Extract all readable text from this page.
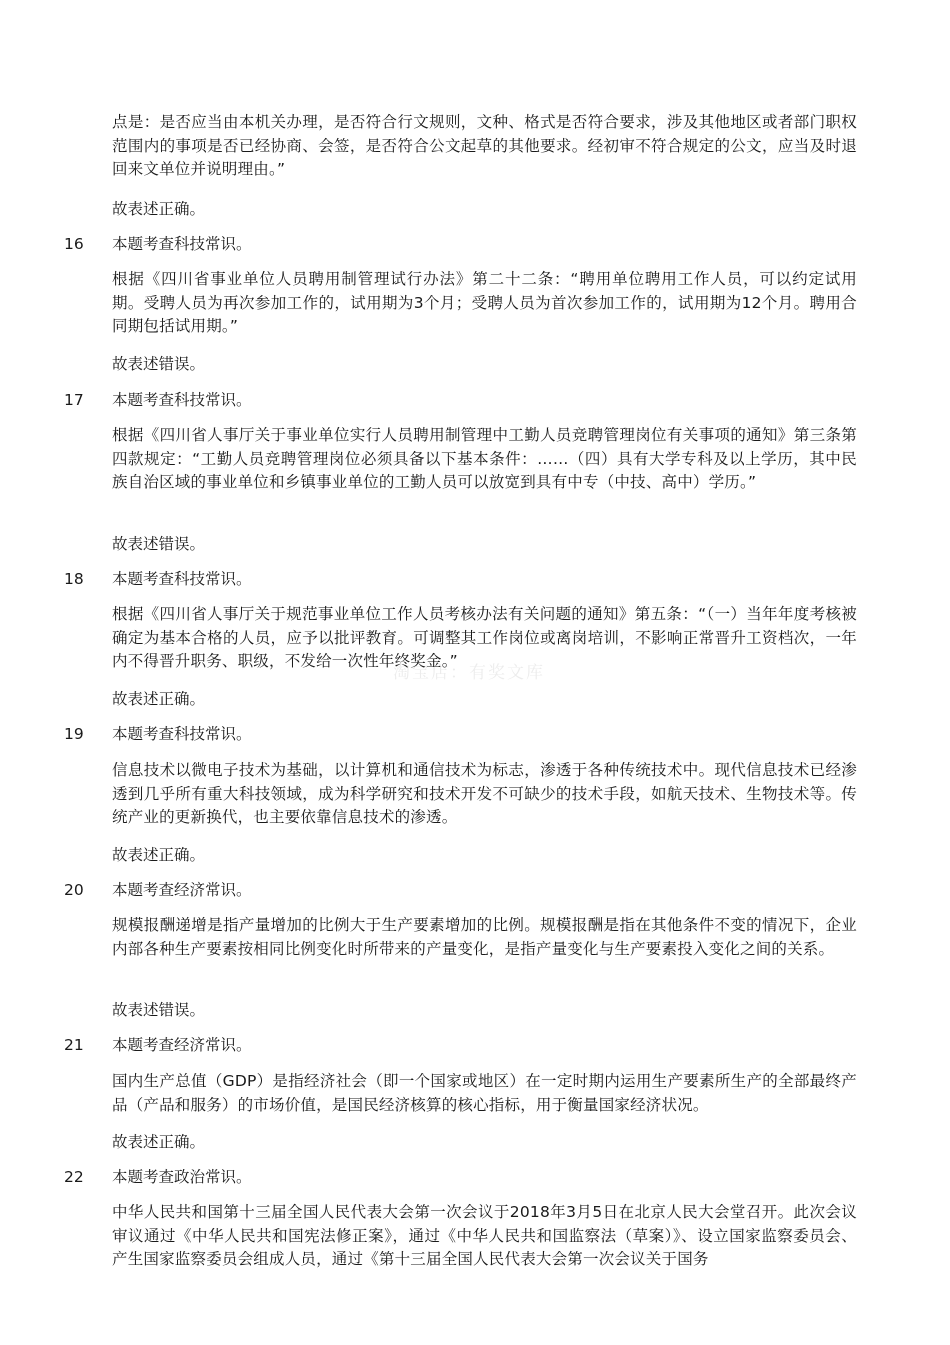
点是：是否应当由本机关办理，是否符合行文规则，文种、格式是否符合要求，涉及其他地区或者部门职权范围内的事项是否已经协商、会签，是否符合公文起草的其他要求。经初审不符合规定的公文，应当及时退回来文单位并说明理由。”
故表述正确。
16 本题考查科技常识。
根据《四川省事业单位人员聘用制管理试行办法》第二十二条：“聘用单位聘用工作人员，可以约定试用期。受聘人员为再次参加工作的，试用期为3个月；受聘人员为首次参加工作的，试用期为12个月。聘用合同期包括试用期。”
故表述错误。
17 本题考查科技常识。
根据《四川省人事厅关于事业单位实行人员聘用制管理中工勤人员竞聘管理岗位有关事项的通知》第三条第四款规定：“工勤人员竞聘管理岗位必须具备以下基本条件：……（四）具有大学专科及以上学历，其中民族自治区域的事业单位和乡镇事业单位的工勤人员可以放宽到具有中专（中技、高中）学历。”
故表述错误。
18 本题考查科技常识。
根据《四川省人事厅关于规范事业单位工作人员考核办法有关问题的通知》第五条：“（一）当年年度考核被确定为基本合格的人员，应予以批评教育。可调整其工作岗位或离岗培训，不影响正常晋升工资档次，一年内不得晋升职务、职级，不发给一次性年终奖金。”
故表述正确。
19 本题考查科技常识。
信息技术以微电子技术为基础，以计算机和通信技术为标志，渗透于各种传统技术中。现代信息技术已经渗透到几乎所有重大科技领域，成为科学研究和技术开发不可缺少的技术手段，如航天技术、生物技术等。传统产业的更新换代，也主要依靠信息技术的渗透。
故表述正确。
20 本题考查经济常识。
规模报酬递增是指产量增加的比例大于生产要素增加的比例。规模报酬是指在其他条件不变的情况下，企业内部各种生产要素按相同比例变化时所带来的产量变化，是指产量变化与生产要素投入变化之间的关系。
故表述错误。
21 本题考查经济常识。
国内生产总值（GDP）是指经济社会（即一个国家或地区）在一定时期内运用生产要素所生产的全部最终产品（产品和服务）的市场价值，是国民经济核算的核心指标，用于衡量国家经济状况。
故表述正确。
22 本题考查政治常识。
中华人民共和国第十三届全国人民代表大会第一次会议于2018年3月5日在北京人民大会堂召开。此次会议审议通过《中华人民共和国宪法修正案》，通过《中华人民共和国监察法（草案）》、设立国家监察委员会、产生国家监察委员会组成人员，通过《第十三届全国人民代表大会第一次会议关于国务
淘宝店：有奖文库
